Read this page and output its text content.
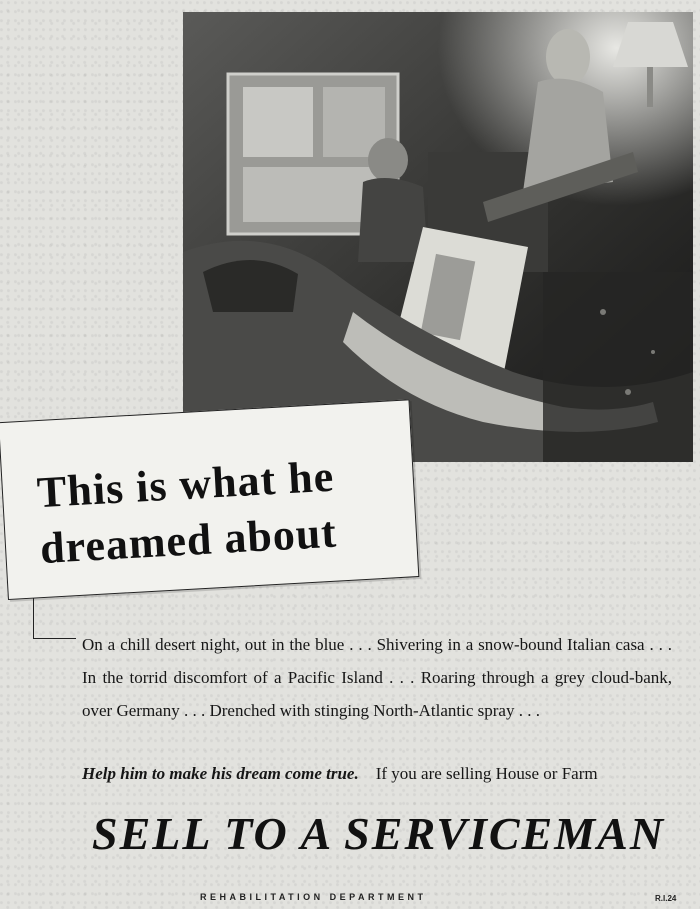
This is what he
dreamed about

On a chill desert night, out in the blue . . . Shivering in a snow-bound Italian casa . . . In the torrid discomfort of a Pacific Island . . . Roaring through a grey cloud-bank, over Germany . . . Drenched with stinging North-Atlantic spray . . .

Help him to make his dream come true. If you are selling House or Farm
SELL TO A SERVICEMAN
REHABILITATION DEPARTMENT	R.I.24
